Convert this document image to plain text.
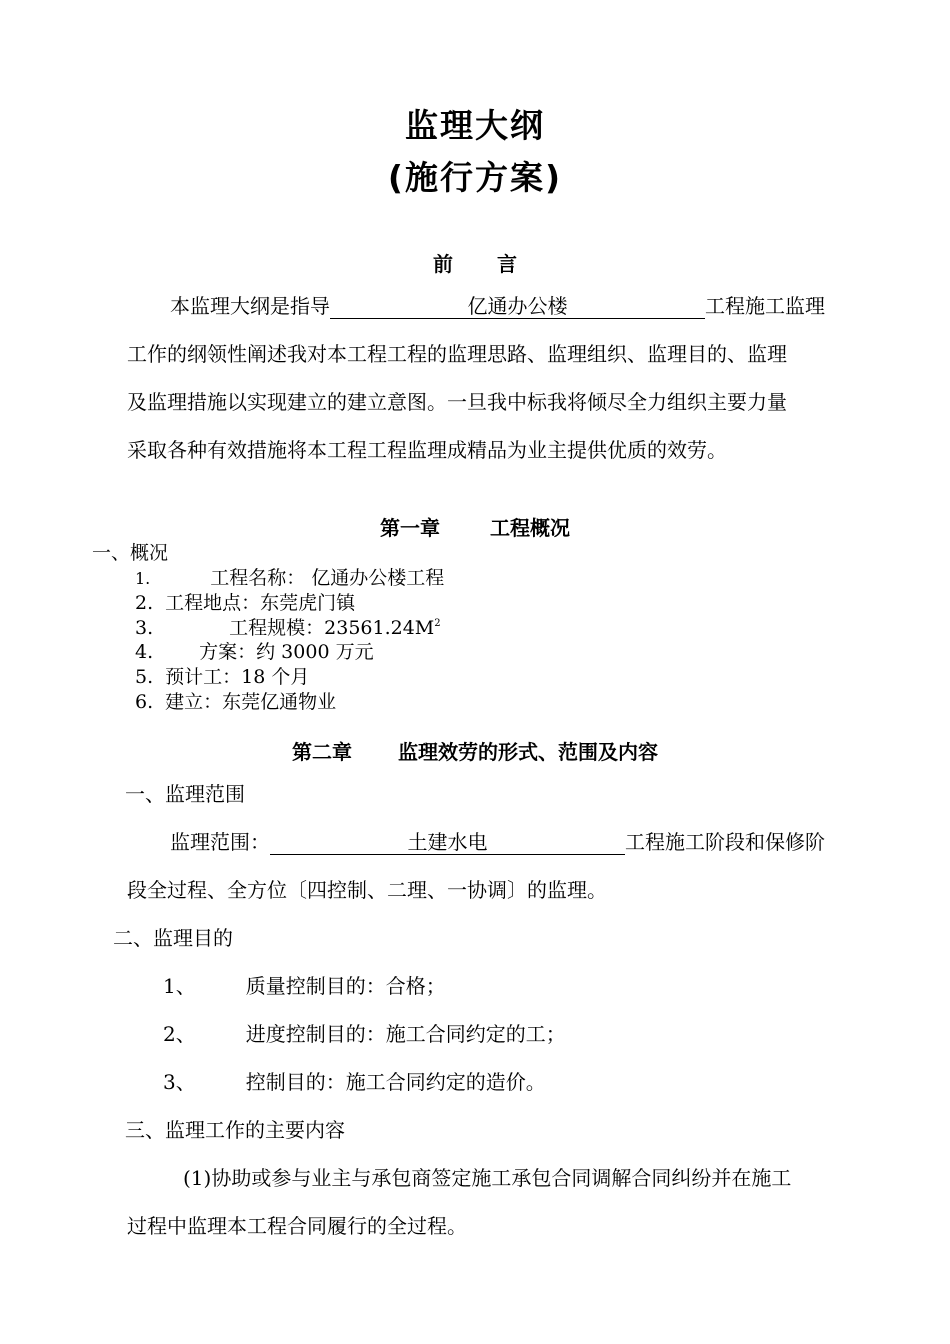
监理大纲
(施行方案)
前 言
本监理大纲是指导	亿通办公楼	工程施工监理
工作的纲领性阐述我对本工程工程的监理思路、监理组织、监理目的、监理
及监理措施以实现建立的建立意图。一旦我中标我将倾尽全力组织主要力量
采取各种有效措施将本工程工程监理成精品为业主提供优质的效劳。
第一章	工程概况
一、概况
1.	工程名称： 亿通办公楼工程
2. 工程地点：东莞虎门镇
3.	工程规模：$23561.24M^2$
4. 方案：约 3000 万元
5. 预计工：18 个月
6. 建立：东莞亿通物业
第二章 监理效劳的形式、范围及内容
一、监理范围
监理范围：	土建水电	工程施工阶段和保修阶
段全过程、全方位〔四控制、二理、一协调〕的监理。
二、监理目的
1、	质量控制目的：合格；
2、	进度控制目的：施工合同约定的工；
3、	控制目的：施工合同约定的造价。
三、监理工作的主要内容
(1)协助或参与业主与承包商签定施工承包合同调解合同纠纷并在施工
过程中监理本工程合同履行的全过程。
